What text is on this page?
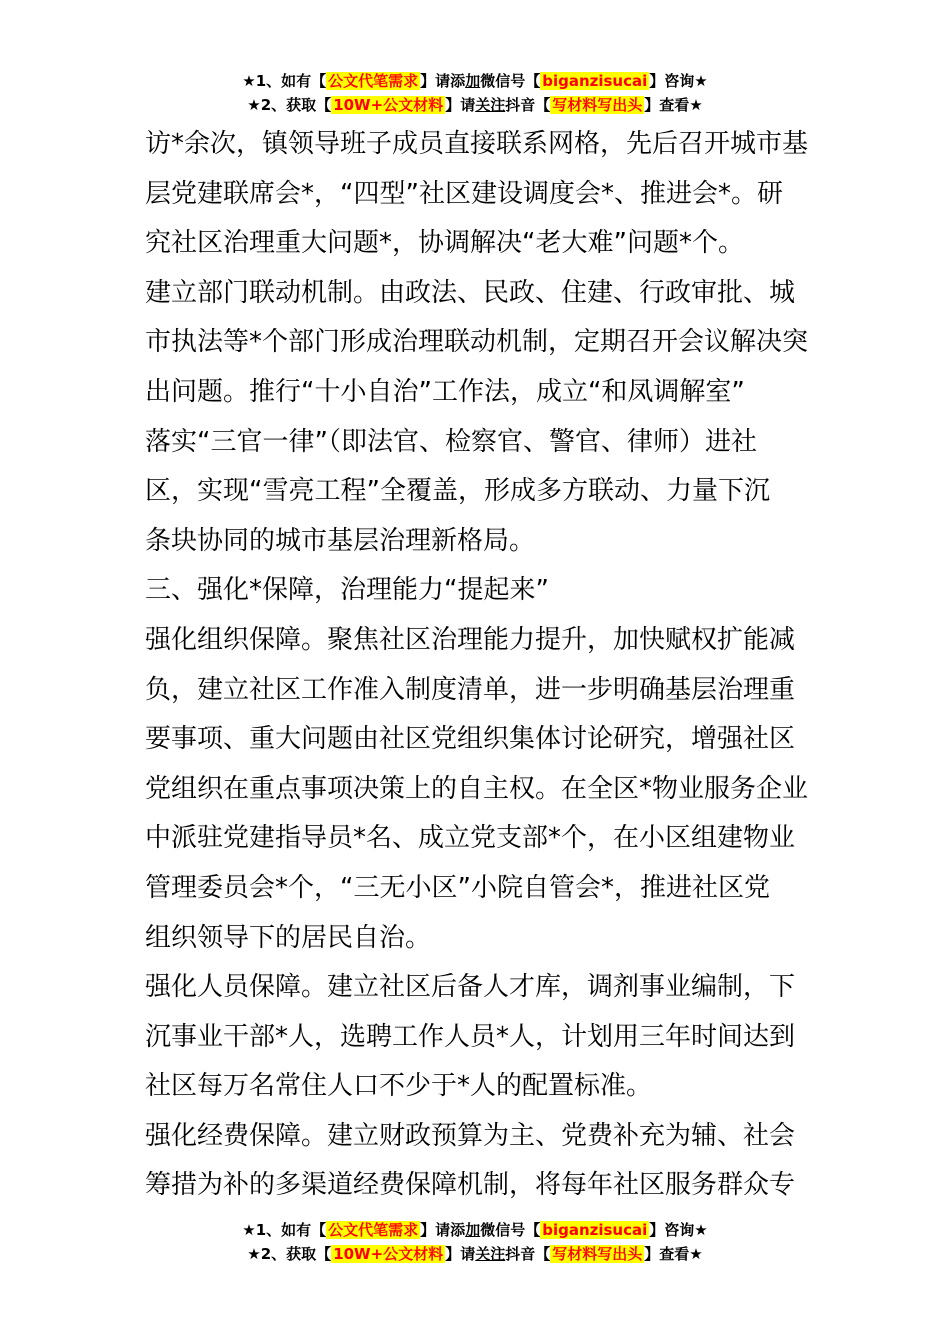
★1、如有【 公文代笔需求 】请添加微信号【 biganzisucai 】咨询★
★2、获取【 10W+公文材料 】请关注抖音【 写材料写出头 】查看★
访*余次，镇领导班子成员直接联系网格，先后召开城市基
层党建联席会*，“四型”社区建设调度会*、推进会*。研
究社区治理重大问题*，协调解决“老大难”问题*个。
建立部门联动机制。由政法、民政、住建、行政审批、城
市执法等*个部门形成治理联动机制，定期召开会议解决突
出问题。推行“十小自治”工作法，成立“和凤调解室”
落实“三官一律”（即法官、检察官、警官、律师）进社
区，实现“雪亮工程”全覆盖，形成多方联动、力量下沉
条块协同的城市基层治理新格局。
三、强化*保障，治理能力“提起来”
强化组织保障。聚焦社区治理能力提升，加快赋权扩能减
负，建立社区工作准入制度清单，进一步明确基层治理重
要事项、重大问题由社区党组织集体讨论研究，增强社区
党组织在重点事项决策上的自主权。在全区*物业服务企业
中派驻党建指导员*名、成立党支部*个，在小区组建物业
管理委员会*个，“三无小区”小院自管会*，推进社区党
组织领导下的居民自治。
强化人员保障。建立社区后备人才库，调剂事业编制，下
沉事业干部*人，选聘工作人员*人，计划用三年时间达到
社区每万名常住人口不少于*人的配置标准。
强化经费保障。建立财政预算为主、党费补充为辅、社会
筹措为补的多渠道经费保障机制，将每年社区服务群众专
★1、如有【 公文代笔需求 】请添加微信号【 biganzisucai 】咨询★
★2、获取【 10W+公文材料 】请关注抖音【 写材料写出头 】查看★
